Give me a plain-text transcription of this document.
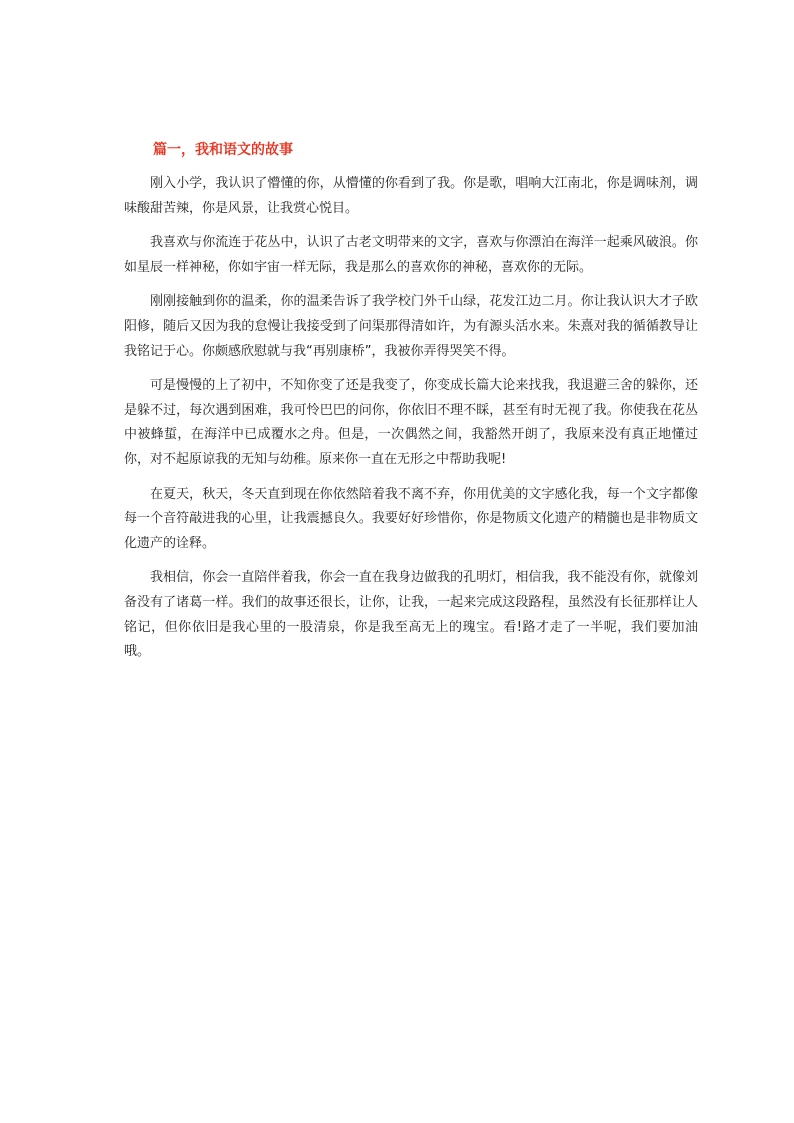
篇一，我和语文的故事

刚入小学，我认识了懵懂的你，从懵懂的你看到了我。你是歌，唱响大江南北，你是调味剂，调味酸甜苦辣，你是风景，让我赏心悦目。

我喜欢与你流连于花丛中，认识了古老文明带来的文字，喜欢与你漂泊在海洋一起乘风破浪。你如星辰一样神秘，你如宇宙一样无际，我是那么的喜欢你的神秘，喜欢你的无际。

刚刚接触到你的温柔，你的温柔告诉了我学校门外千山绿，花发江边二月。你让我认识大才子欧阳修，随后又因为我的怠慢让我接受到了问渠那得清如许，为有源头活水来。朱熹对我的循循教导让我铭记于心。你颇感欣慰就与我“再别康桥”，我被你弄得哭笑不得。

可是慢慢的上了初中，不知你变了还是我变了，你变成长篇大论来找我，我退避三舍的躲你，还是躲不过，每次遇到困难，我可怜巴巴的问你，你依旧不理不睬，甚至有时无视了我。你使我在花丛中被蜂蜇，在海洋中已成覆水之舟。但是，一次偶然之间，我豁然开朗了，我原来没有真正地懂过你，对不起原谅我的无知与幼稚。原来你一直在无形之中帮助我呢!

在夏天，秋天，冬天直到现在你依然陪着我不离不弃，你用优美的文字感化我，每一个文字都像每一个音符敲进我的心里，让我震撼良久。我要好好珍惜你，你是物质文化遗产的精髓也是非物质文化遗产的诠释。

我相信，你会一直陪伴着我，你会一直在我身边做我的孔明灯，相信我，我不能没有你，就像刘备没有了诸葛一样。我们的故事还很长，让你，让我，一起来完成这段路程，虽然没有长征那样让人铭记，但你依旧是我心里的一股清泉，你是我至高无上的瑰宝。看!路才走了一半呢，我们要加油哦。
